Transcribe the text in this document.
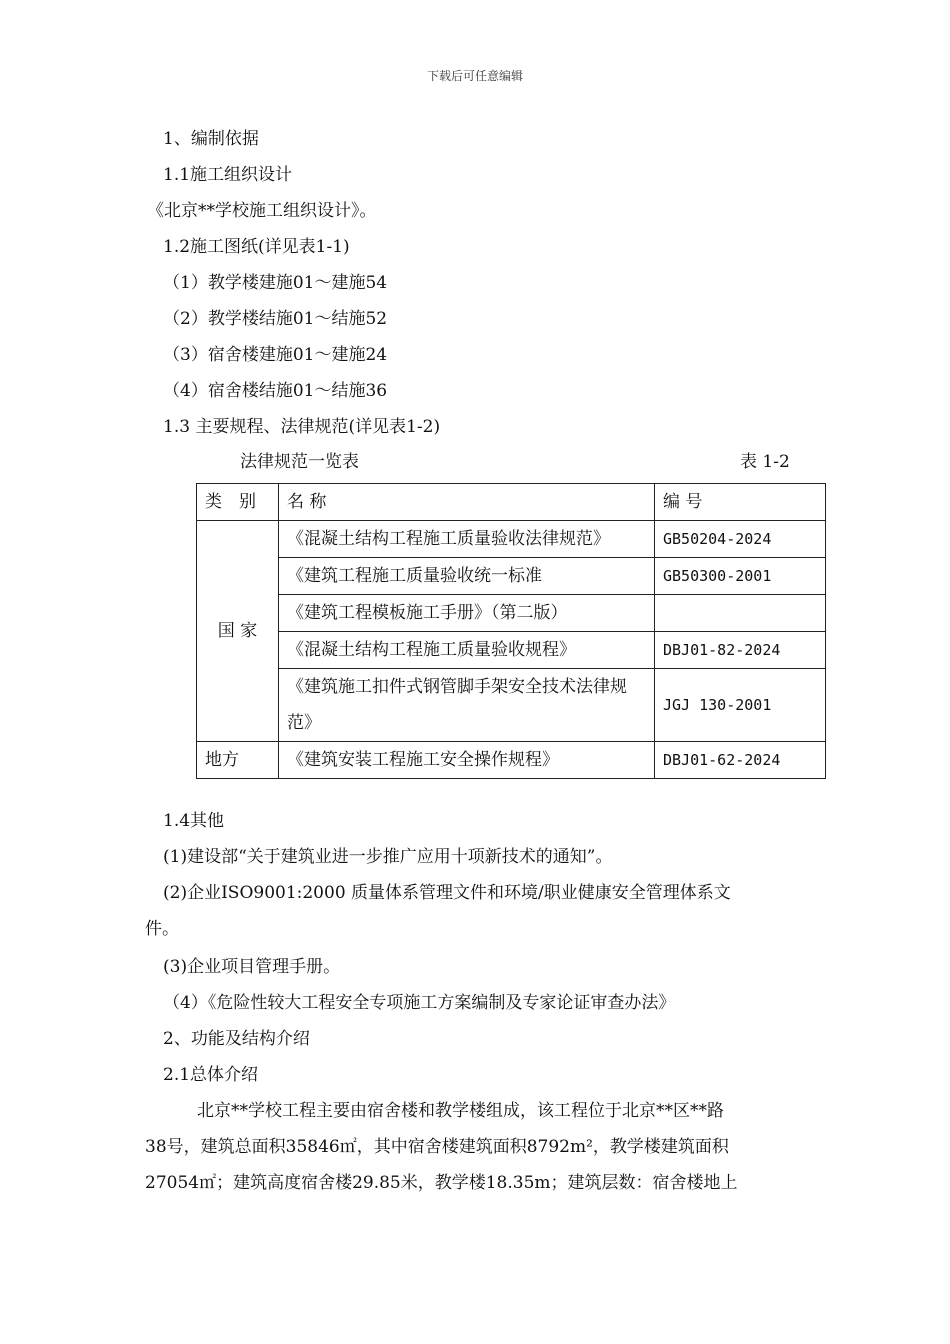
下载后可任意编辑
1、编制依据
1.1施工组织设计
《北京**学校施工组织设计》。
1.2施工图纸(详见表1-1)
（1）教学楼建施01～建施54
（2）教学楼结施01～结施52
（3）宿舍楼建施01～建施24
（4）宿舍楼结施01～结施36
1.3 主要规程、法律规范(详见表1-2)
法律规范一览表	表 1-2
类　别	名 称	编 号
国 家	《混凝土结构工程施工质量验收法律规范》	GB50204-2024
	《建筑工程施工质量验收统一标准	GB50300-2001
	《建筑工程模板施工手册》（第二版）	
	《混凝土结构工程施工质量验收规程》	DBJ01-82-2024
	《建筑施工扣件式钢管脚手架安全技术法律规范》	JGJ 130-2001
地方	《建筑安装工程施工安全操作规程》	DBJ01-62-2024
1.4其他
(1)建设部“关于建筑业进一步推广应用十项新技术的通知”。
(2)企业ISO9001:2000 质量体系管理文件和环境/职业健康安全管理体系文
件。
(3)企业项目管理手册。
（4）《危险性较大工程安全专项施工方案编制及专家论证审查办法》
2、功能及结构介绍
2.1总体介绍
北京**学校工程主要由宿舍楼和教学楼组成，该工程位于北京**区**路
38号，建筑总面积35846㎡，其中宿舍楼建筑面积8792m²，教学楼建筑面积
27054㎡；建筑高度宿舍楼29.85米，教学楼18.35m；建筑层数：宿舍楼地上
